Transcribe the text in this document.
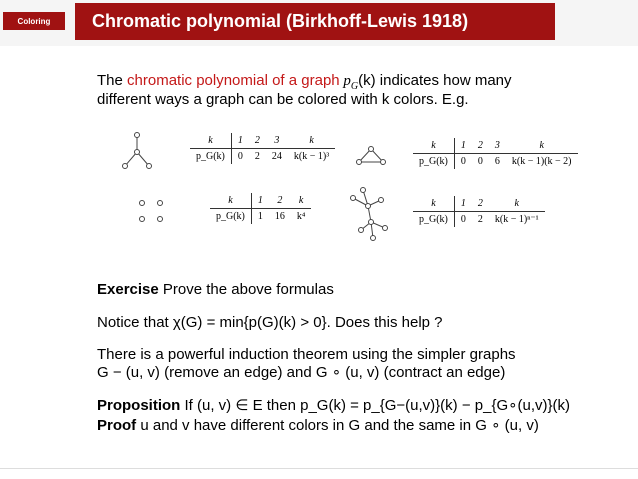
Coloring	Chromatic polynomial (Birkhoff-Lewis 1918)
The chromatic polynomial of a graph $p_G(k)$ indicates how many
different ways a graph can be colored with k colors. E.g.
k	1	2	3	k
p_G(k)	0	2	24	k(k − 1)³
k	1	2	3	k
p_G(k)	0	0	6	k(k − 1)(k − 2)
k	1	2	k
p_G(k)	1	16	k⁴
k	1	2	k
p_G(k)	0	2	k(k − 1)ⁿ⁻¹
Exercise Prove the above formulas
Notice that χ(G) = min{p(G)(k) > 0}. Does this help ?
There is a powerful induction theorem using the simpler graphs
G − (u, v) (remove an edge) and G ∘ (u, v) (contract an edge)
Proposition If (u, v) ∈ E then p_G(k) = p_{G−(u,v)}(k) − p_{G∘(u,v)}(k)
Proof u and v have different colors in G and the same in G ∘ (u, v)
